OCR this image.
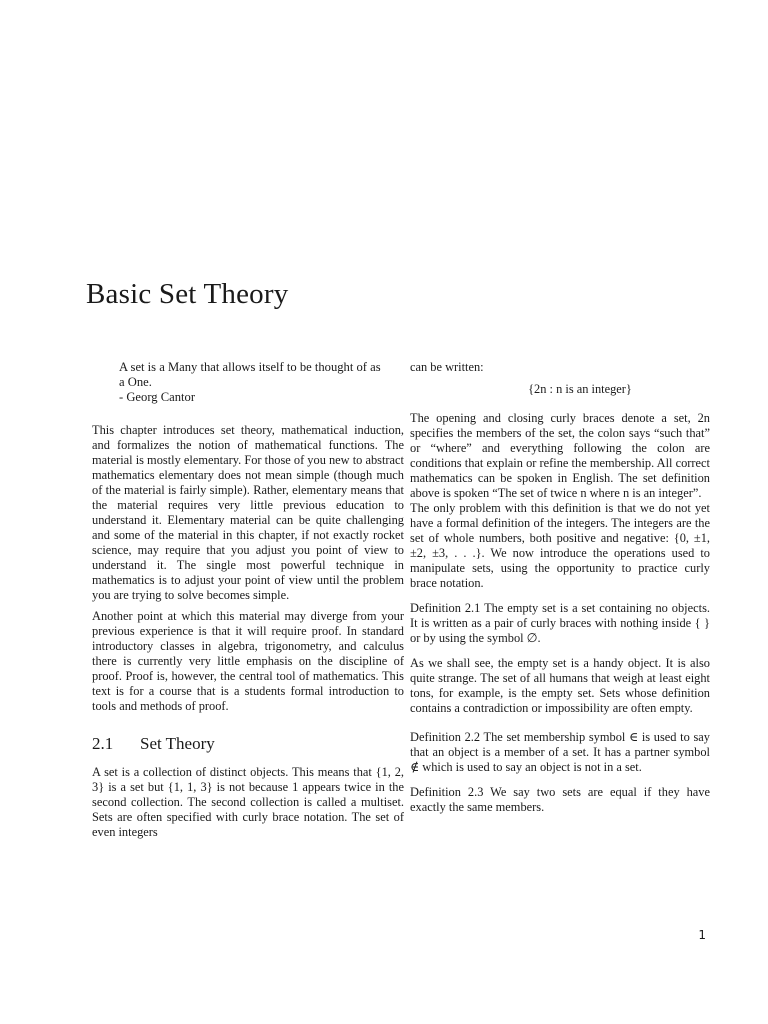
Basic Set Theory
A set is a Many that allows itself to be thought of as a One.
- Georg Cantor

This chapter introduces set theory, mathematical induction, and formalizes the notion of mathematical functions. The material is mostly elementary. For those of you new to abstract mathematics elementary does not mean simple (though much of the material is fairly simple). Rather, elementary means that the material requires very little previous education to understand it. Elementary material can be quite challenging and some of the material in this chapter, if not exactly rocket science, may require that you adjust you point of view to understand it. The single most powerful technique in mathematics is to adjust your point of view until the problem you are trying to solve becomes simple.

Another point at which this material may diverge from your previous experience is that it will require proof. In standard introductory classes in algebra, trigonometry, and calculus there is currently very little emphasis on the discipline of proof. Proof is, however, the central tool of mathematics. This text is for a course that is a students formal introduction to tools and methods of proof.

2.1 Set Theory

A set is a collection of distinct objects. This means that {1, 2, 3} is a set but {1, 1, 3} is not because 1 appears twice in the second collection. The second collection is called a multiset. Sets are often specified with curly brace notation. The set of even integers

can be written:

{2n : n is an integer}

The opening and closing curly braces denote a set, 2n specifies the members of the set, the colon says “such that” or “where” and everything following the colon are conditions that explain or refine the membership. All correct mathematics can be spoken in English. The set definition above is spoken “The set of twice n where n is an integer”.

The only problem with this definition is that we do not yet have a formal definition of the integers. The integers are the set of whole numbers, both positive and negative: {0, ±1, ±2, ±3, . . .}. We now introduce the operations used to manipulate sets, using the opportunity to practice curly brace notation.

Definition 2.1 The empty set is a set containing no objects. It is written as a pair of curly braces with nothing inside { } or by using the symbol ∅.

As we shall see, the empty set is a handy object. It is also quite strange. The set of all humans that weigh at least eight tons, for example, is the empty set. Sets whose definition contains a contradiction or impossibility are often empty.

Definition 2.2 The set membership symbol ∈ is used to say that an object is a member of a set. It has a partner symbol ∉ which is used to say an object is not in a set.

Definition 2.3 We say two sets are equal if they have exactly the same members.

1
